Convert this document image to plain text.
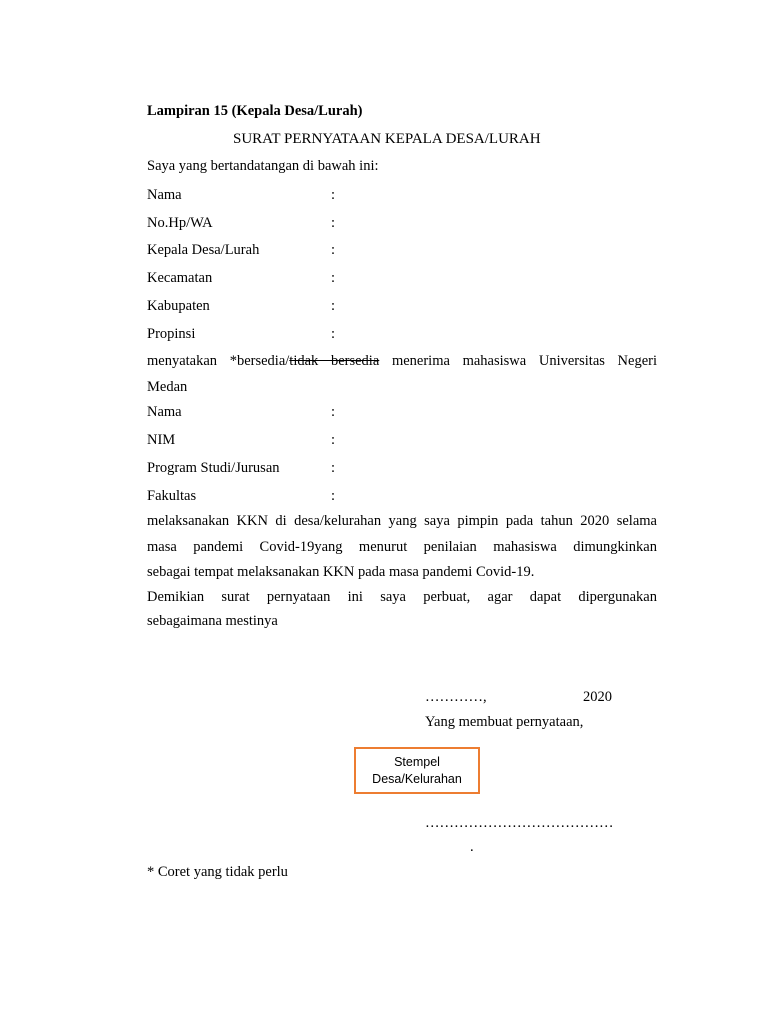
Lampiran 15 (Kepala Desa/Lurah)
SURAT PERNYATAAN KEPALA DESA/LURAH
Saya yang bertandatangan di bawah ini:
Nama	:
No.Hp/WA	:
Kepala Desa/Lurah	:
Kecamatan	:
Kabupaten	:
Propinsi	:
menyatakan *bersedia/tidak bersedia menerima mahasiswa Universitas Negeri
Medan
Nama	:
NIM	:
Program Studi/Jurusan	:
Fakultas	:
melaksanakan KKN di desa/kelurahan yang saya pimpin pada tahun 2020 selama
masa pandemi Covid-19yang menurut penilaian mahasiswa dimungkinkan
sebagai tempat melaksanakan KKN pada masa pandemi Covid-19.
Demikian surat pernyataan ini saya perbuat, agar dapat dipergunakan
sebagaimana mestinya
…………,	2020
Yang membuat pernyataan,
Stempel
Desa/Kelurahan
…………………………………
.
* Coret yang tidak perlu
